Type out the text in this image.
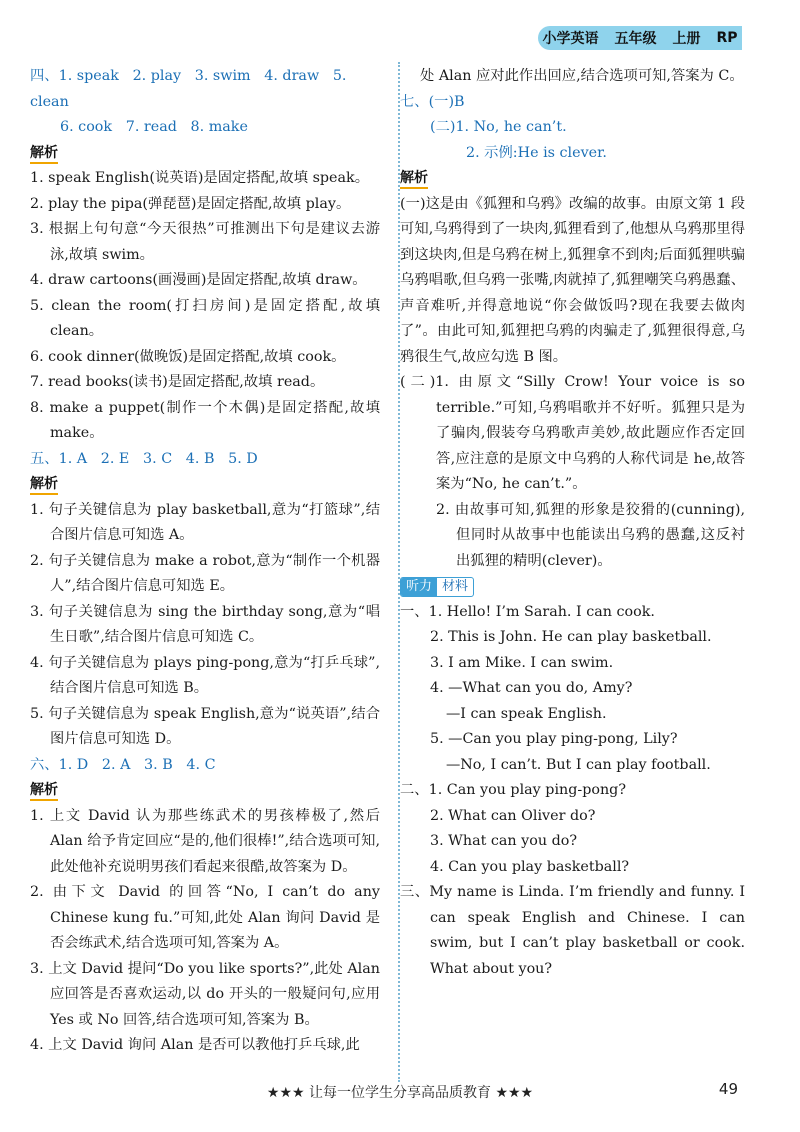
小学英语 五年级 上册 RP
四、1. speak 2. play 3. swim 4. draw 5. clean
6. cook 7. read 8. make
解析
1. speak English(说英语)是固定搭配,故填 speak。
2. play the pipa(弹琵琶)是固定搭配,故填 play。
3. 根据上句句意“今天很热”可推测出下句是建议去游泳,故填 swim。
4. draw cartoons(画漫画)是固定搭配,故填 draw。
5. clean the room(打扫房间)是固定搭配,故填 clean。
6. cook dinner(做晚饭)是固定搭配,故填 cook。
7. read books(读书)是固定搭配,故填 read。
8. make a puppet(制作一个木偶)是固定搭配,故填 make。
五、1. A 2. E 3. C 4. B 5. D
解析
1. 句子关键信息为 play basketball,意为“打篮球”,结合图片信息可知选 A。
2. 句子关键信息为 make a robot,意为“制作一个机器人”,结合图片信息可知选 E。
3. 句子关键信息为 sing the birthday song,意为“唱生日歌”,结合图片信息可知选 C。
4. 句子关键信息为 plays ping-pong,意为“打乒乓球”,结合图片信息可知选 B。
5. 句子关键信息为 speak English,意为“说英语”,结合图片信息可知选 D。
六、1. D 2. A 3. B 4. C
解析
1. 上文 David 认为那些练武术的男孩棒极了,然后 Alan 给予肯定回应“是的,他们很棒!”,结合选项可知,此处他补充说明男孩们看起来很酷,故答案为 D。
2. 由下文 David 的回答“No, I can’t do any Chinese kung fu.”可知,此处 Alan 询问 David 是否会练武术,结合选项可知,答案为 A。
3. 上文 David 提问“Do you like sports?”,此处 Alan 应回答是否喜欢运动,以 do 开头的一般疑问句,应用 Yes 或 No 回答,结合选项可知,答案为 B。
4. 上文 David 询问 Alan 是否可以教他打乒乓球,此
处 Alan 应对此作出回应,结合选项可知,答案为 C。
七、(一)B
(二)1. No, he can’t.
2. 示例:He is clever.
解析
(一)这是由《狐狸和乌鸦》改编的故事。由原文第 1 段可知,乌鸦得到了一块肉,狐狸看到了,他想从乌鸦那里得到这块肉,但是乌鸦在树上,狐狸拿不到肉;后面狐狸哄骗乌鸦唱歌,但乌鸦一张嘴,肉就掉了,狐狸嘲笑乌鸦愚蠢、声音难听,并得意地说“你会做饭吗?现在我要去做肉了”。由此可知,狐狸把乌鸦的肉骗走了,狐狸很得意,乌鸦很生气,故应勾选 B 图。
(二)1. 由原文“Silly Crow! Your voice is so terrible.”可知,乌鸦唱歌并不好听。狐狸只是为了骗肉,假装夸乌鸦歌声美妙,故此题应作否定回答,应注意的是原文中乌鸦的人称代词是 he,故答案为“No, he can’t.”。
2. 由故事可知,狐狸的形象是狡猾的(cunning),但同时从故事中也能读出乌鸦的愚蠢,这反衬出狐狸的精明(clever)。
听力 材料
一、1. Hello! I’m Sarah. I can cook.
2. This is John. He can play basketball.
3. I am Mike. I can swim.
4. —What can you do, Amy?
—I can speak English.
5. —Can you play ping-pong, Lily?
—No, I can’t. But I can play football.
二、1. Can you play ping-pong?
2. What can Oliver do?
3. What can you do?
4. Can you play basketball?
三、My name is Linda. I’m friendly and funny. I can speak English and Chinese. I can swim, but I can’t play basketball or cook. What about you?
★★★ 让每一位学生分享高品质教育 ★★★	49
